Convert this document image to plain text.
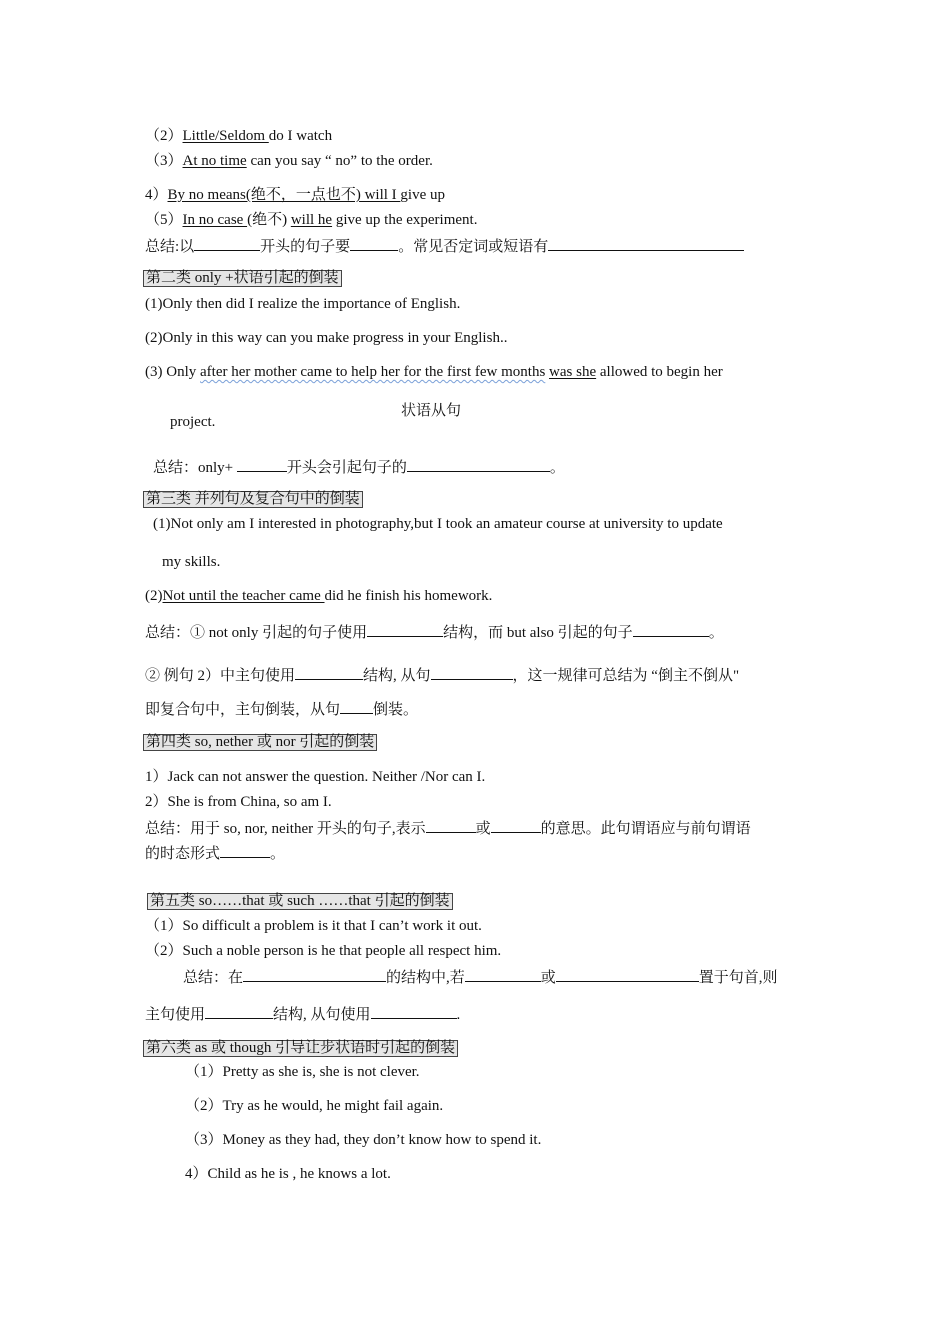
（2）Little/Seldom do I watch
（3）At no time can you say “ no” to the order.
4）By no means(绝不，一点也不) will I give up
（5）In no case (绝不) will he give up the experiment.
总结:以	开头的句子要	。常见否定词或短语有
第二类 only +状语引起的倒装
(1)Only then did I realize the importance of English.
(2)Only in this way can you make progress in your English..
(3) Only after her mother came to help her for the first few months was she allowed to begin her
状语从句
project.
总结：only+	开头会引起句子的	。
第三类 并列句及复合句中的倒装
(1)Not only am I interested in photography,but I took an amateur course at university to update
my skills.
(2)Not until the teacher came did he finish his homework.
总结：① not only 引起的句子使用	结构，而 but also 引起的句子	。
② 例句 2）中主句使用	结构, 从句	，这一规律可总结为 “倒主不倒从"
即复合句中，主句倒装，从句 倒装。
第四类 so, nether 或 nor 引起的倒装
1）Jack can not answer the question. Neither /Nor can I.
2）She is from China, so am I.
总结：用于 so, nor, neither 开头的句子,表示	或	的意思。此句谓语应与前句谓语
的时态形式	。
第五类 so……that 或 such ……that 引起的倒装
（1）So difficult a problem is it that I can’t work it out.
（2）Such a noble person is he that people all respect him.
总结：在	的结构中,若	或	置于句首,则
主句使用	结构, 从句使用	.
第六类 as 或 though 引导让步状语时引起的倒装
（1）Pretty as she is, she is not clever.
（2）Try as he would, he might fail again.
（3）Money as they had, they don’t know how to spend it.
4）Child as he is , he knows a lot.
